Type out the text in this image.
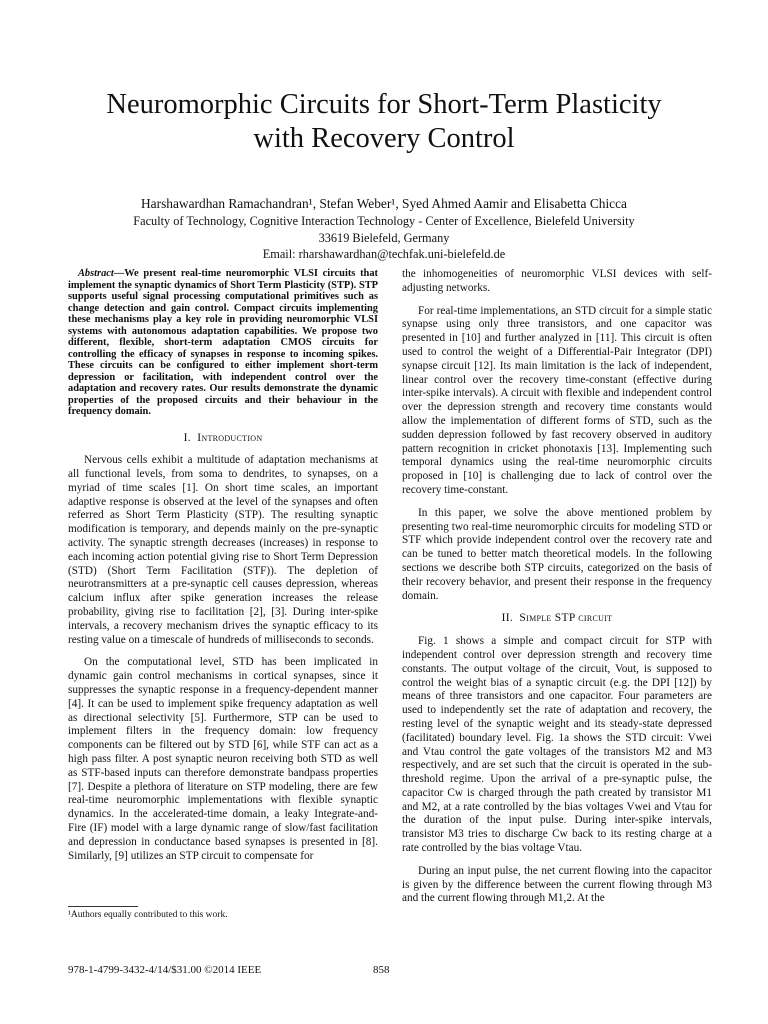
Neuromorphic Circuits for Short-Term Plasticity
with Recovery Control
Harshawardhan Ramachandran¹, Stefan Weber¹, Syed Ahmed Aamir and Elisabetta Chicca
Faculty of Technology, Cognitive Interaction Technology - Center of Excellence, Bielefeld University
33619 Bielefeld, Germany
Email: rharshawardhan@techfak.uni-bielefeld.de

Abstract—We present real-time neuromorphic VLSI circuits that implement the synaptic dynamics of Short Term Plasticity (STP). STP supports useful signal processing computational primitives such as change detection and gain control. Compact circuits implementing these mechanisms play a key role in providing neuromorphic VLSI systems with autonomous adaptation capabilities. We propose two different, flexible, short-term adaptation CMOS circuits for controlling the efficacy of synapses in response to incoming spikes. These circuits can be configured to either implement short-term depression or facilitation, with independent control over the adaptation and recovery rates. Our results demonstrate the dynamic properties of the proposed circuits and their behaviour in the frequency domain.

I. Introduction

Nervous cells exhibit a multitude of adaptation mechanisms at all functional levels, from soma to dendrites, to synapses, on a myriad of time scales [1]. On short time scales, an important adaptive response is observed at the level of the synapses and often referred as Short Term Plasticity (STP). The resulting synaptic modification is temporary, and depends mainly on the pre-synaptic activity. The synaptic strength decreases (increases) in response to each incoming action potential giving rise to Short Term Depression (STD) (Short Term Facilitation (STF)). The depletion of neurotransmitters at a pre-synaptic cell causes depression, whereas calcium influx after spike generation increases the release probability, giving rise to facilitation [2], [3]. During inter-spike intervals, a recovery mechanism drives the synaptic efficacy to its resting value on a timescale of hundreds of milliseconds to seconds.

On the computational level, STD has been implicated in dynamic gain control mechanisms in cortical synapses, since it suppresses the synaptic response in a frequency-dependent manner [4]. It can be used to implement spike frequency adaptation as well as directional selectivity [5]. Furthermore, STP can be used to implement filters in the frequency domain: low frequency components can be filtered out by STD [6], while STF can act as a high pass filter. A post synaptic neuron receiving both STD as well as STF-based inputs can therefore demonstrate bandpass properties [7]. Despite a plethora of literature on STP modeling, there are few real-time neuromorphic implementations with flexible synaptic dynamics. In the accelerated-time domain, a leaky Integrate-and-Fire (IF) model with a large dynamic range of slow/fast facilitation and depression in conductance based synapses is presented in [8]. Similarly, [9] utilizes an STP circuit to compensate for

the inhomogeneities of neuromorphic VLSI devices with self-adjusting networks.

For real-time implementations, an STD circuit for a simple static synapse using only three transistors, and one capacitor was presented in [10] and further analyzed in [11]. This circuit is often used to control the weight of a Differential-Pair Integrator (DPI) synapse circuit [12]. Its main limitation is the lack of independent, linear control over the recovery time-constant (effective during inter-spike intervals). A circuit with flexible and independent control over the depression strength and recovery time constants would allow the implementation of different forms of STD, such as the sudden depression followed by fast recovery observed in auditory pattern recognition in cricket phonotaxis [13]. Implementing such temporal dynamics using the real-time neuromorphic circuits proposed in [10] is challenging due to lack of control over the recovery time-constant.

In this paper, we solve the above mentioned problem by presenting two real-time neuromorphic circuits for modeling STD or STF which provide independent control over the recovery rate and can be tuned to better match theoretical models. In the following sections we describe both STP circuits, categorized on the basis of their recovery behavior, and present their response in the frequency domain.

II. Simple STP circuit

Fig. 1 shows a simple and compact circuit for STP with independent control over depression strength and recovery time constants. The output voltage of the circuit, Vout, is supposed to control the weight bias of a synaptic circuit (e.g. the DPI [12]) by means of three transistors and one capacitor. Four parameters are used to independently set the rate of adaptation and recovery, the resting level of the synaptic weight and its steady-state depressed (facilitated) boundary level. Fig. 1a shows the STD circuit: Vwei and Vtau control the gate voltages of the transistors M2 and M3 respectively, and are set such that the circuit is operated in the sub-threshold regime. Upon the arrival of a pre-synaptic pulse, the capacitor Cw is charged through the path created by transistor M1 and M2, at a rate controlled by the bias voltages Vwei and Vtau for the duration of the input pulse. During inter-spike intervals, transistor M3 tries to discharge Cw back to its resting charge at a rate controlled by the bias voltage Vtau.

During an input pulse, the net current flowing into the capacitor is given by the difference between the current flowing through M3 and the current flowing through M1,2. At the

¹Authors equally contributed to this work.
978-1-4799-3432-4/14/$31.00 ©2014 IEEE	858
